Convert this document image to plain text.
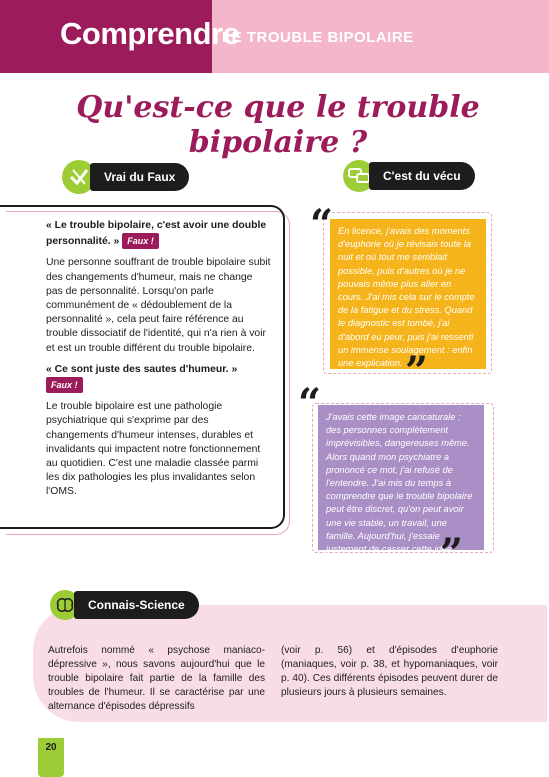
Comprendre
LE TROUBLE BIPOLAIRE
Qu'est-ce que le trouble bipolaire ?
Vrai du Faux	C'est du vécu

« Le trouble bipolaire, c'est avoir une double personnalité. » Faux !

Une personne souffrant de trouble bipolaire subit des changements d'humeur, mais ne change pas de personnalité. Lorsqu'on parle communément de « dédoublement de la personnalité », cela peut faire référence au trouble dissociatif de l'identité, qui n'a rien à voir et est un trouble différent du trouble bipolaire.

« Ce sont juste des sautes d'humeur. »
Faux !

Le trouble bipolaire est une pathologie psychiatrique qui s'exprime par des changements d'humeur intenses, durables et invalidants qui impactent notre fonctionnement au quotidien. C'est une maladie classée parmi les dix pathologies les plus invalidantes selon l'OMS.

En licence, j'avais des moments d'euphorie où je révisais toute la nuit et où tout me semblait possible, puis d'autres où je ne pouvais même plus aller en cours. J'ai mis cela sur le compte de la fatigue et du stress. Quand le diagnostic est tombé, j'ai d'abord eu peur, puis j'ai ressenti un immense soulagement : enfin une explication.
“
”
J'avais cette image caricaturale : des personnes complètement imprévisibles, dangereuses même. Alors quand mon psychiatre a prononcé ce mot, j'ai refusé de l'entendre. J'ai mis du temps à comprendre que le trouble bipolaire peut être discret, qu'on peut avoir une vie stable, un travail, une famille. Aujourd'hui, j'essaie justement de casser cette idée reçue autour de moi.
“
”
Connais-Science
Autrefois nommé « psychose maniaco-dépressive », nous savons aujourd'hui que le trouble bipolaire fait partie de la famille des troubles de l'humeur. Il se caractérise par une alternance d'épisodes dépressifs
(voir p. 56) et d'épisodes d'euphorie (maniaques, voir p. 38, et hypomaniaques, voir p. 40). Ces différents épisodes peuvent durer de plusieurs jours à plusieurs semaines.
20
